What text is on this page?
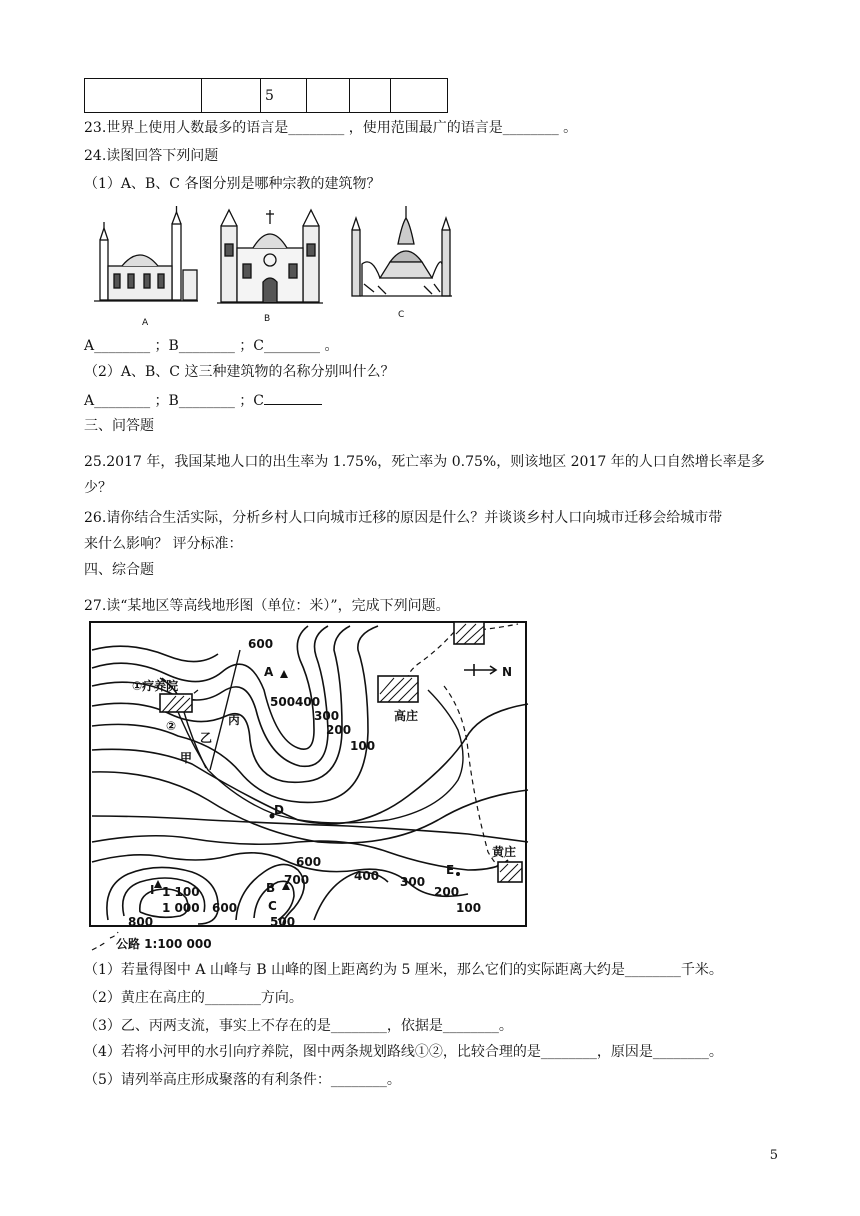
		5			
23.世界上使用人数最多的语言是________ ，使用范围最广的语言是________ 。
24.读图回答下列问题
（1）A、B、C 各图分别是哪种宗教的建筑物？
A	B	C
A________ ；B________ ；C________ 。
（2）A、B、C 这三种建筑物的名称分别叫什么？
A________ ；B________ ；C
三、问答题
25.2017 年，我国某地人口的出生率为 1.75%，死亡率为 0.75%，则该地区 2017 年的人口自然增长率是多
少？
26.请你结合生活实际，分析乡村人口向城市迁移的原因是什么？并谈谈乡村人口向城市迁移会给城市带
来什么影响？ 评分标准：
四、综合题
27.读“某地区等高线地形图（单位：米）”，完成下列问题。
①疗养院
②
乙
丙
甲
A
B
C
D
E
I
高庄
黄庄
N
公路 1:100 000
600
500400
300
200
100
600
700	400 300
200
100
600
500
800
1 100
1 000
（1）若量得图中 A 山峰与 B 山峰的图上距离约为 5 厘米，那么它们的实际距离大约是________千米。
（2）黄庄在高庄的________方向。
（3）乙、丙两支流，事实上不存在的是________，依据是________。
（4）若将小河甲的水引向疗养院，图中两条规划路线①②，比较合理的是________，原因是________。
（5）请列举高庄形成聚落的有利条件：________。
5
